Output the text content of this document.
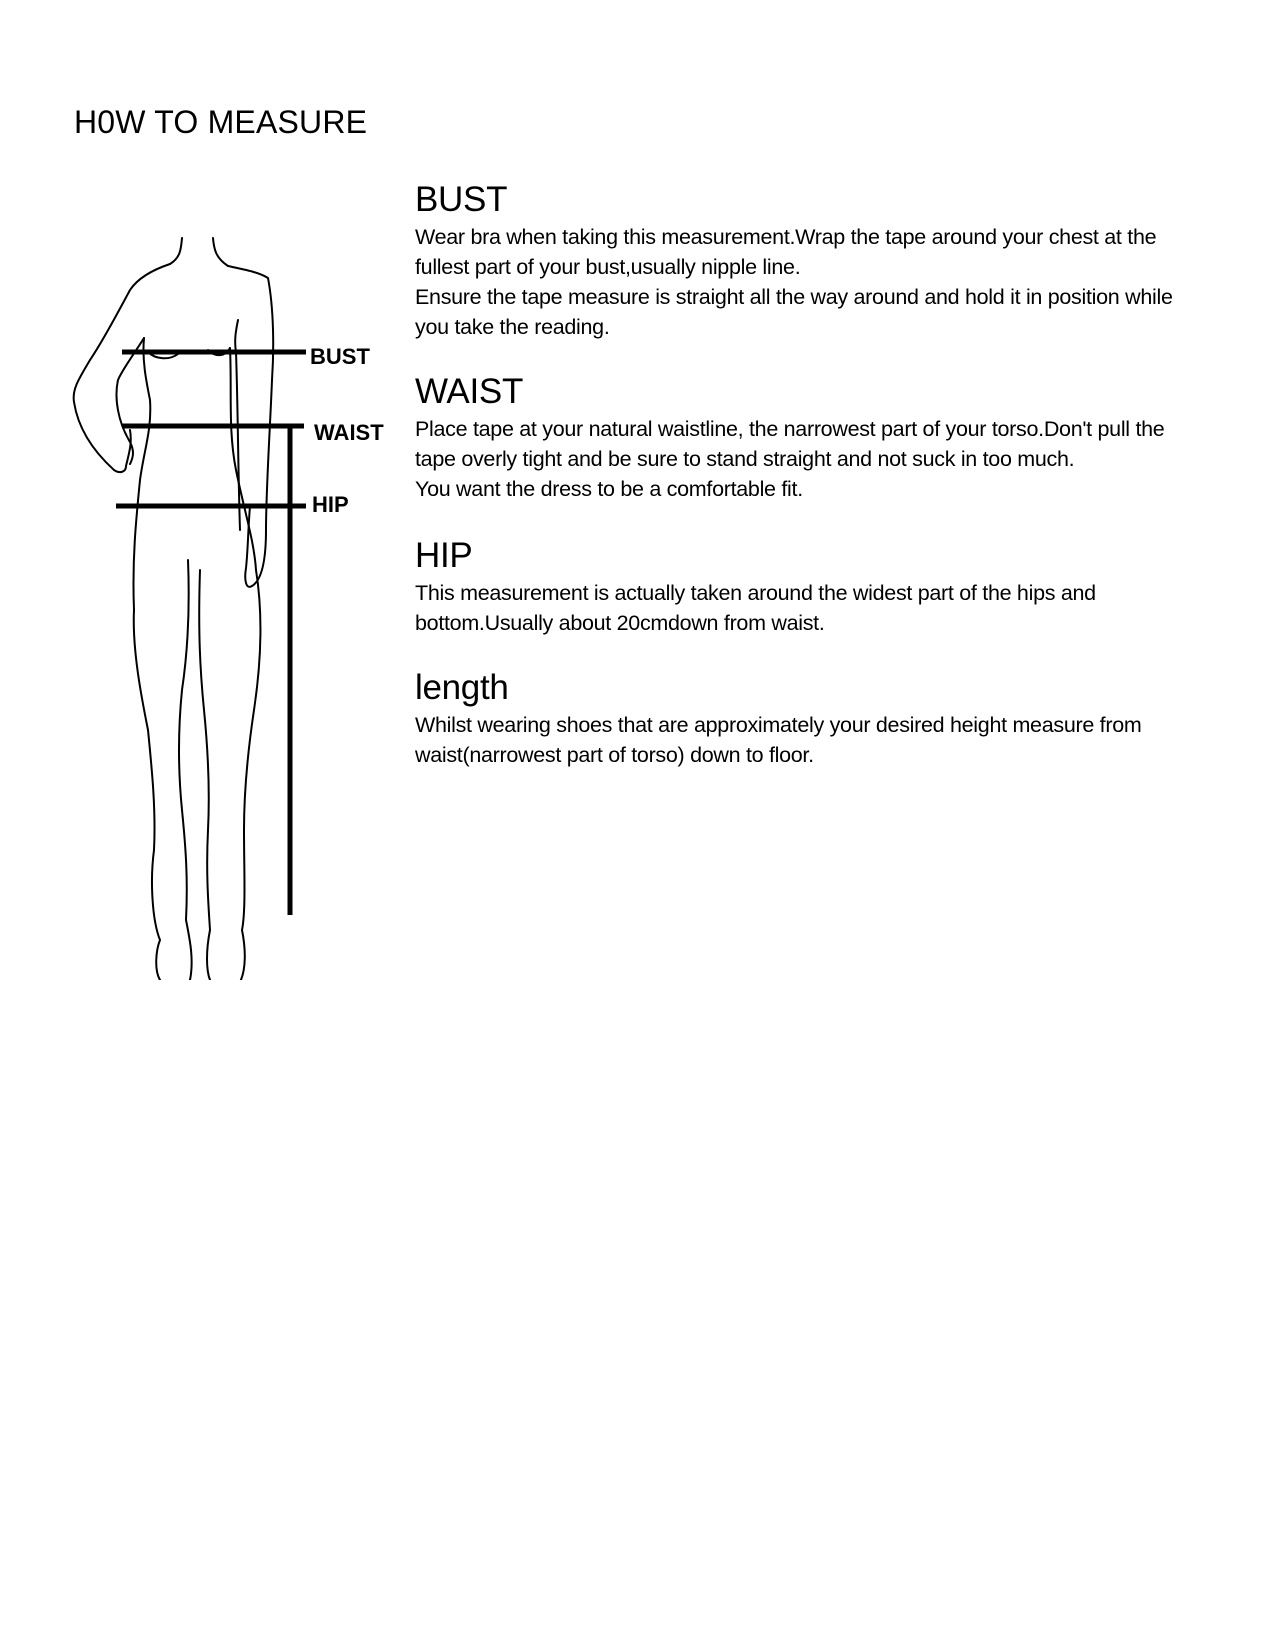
H0W TO MEASURE
BUST
WAIST
HIP
BUST

Wear bra when taking this measurement.Wrap the tape around your chest at the fullest part of your bust,usually nipple line.
Ensure the tape measure is straight all the way around and hold it in position while you take the reading.

WAIST

Place tape at your natural waistline, the narrowest part of your torso.Don't pull the tape overly tight and be sure to stand straight and not suck in too much.
You want the dress to be a comfortable fit.

HIP

This measurement is actually taken around the widest part of the hips and bottom.Usually about 20cmdown from waist.

length

Whilst wearing shoes that are approximately your desired height measure from waist(narrowest part of torso) down to floor.
